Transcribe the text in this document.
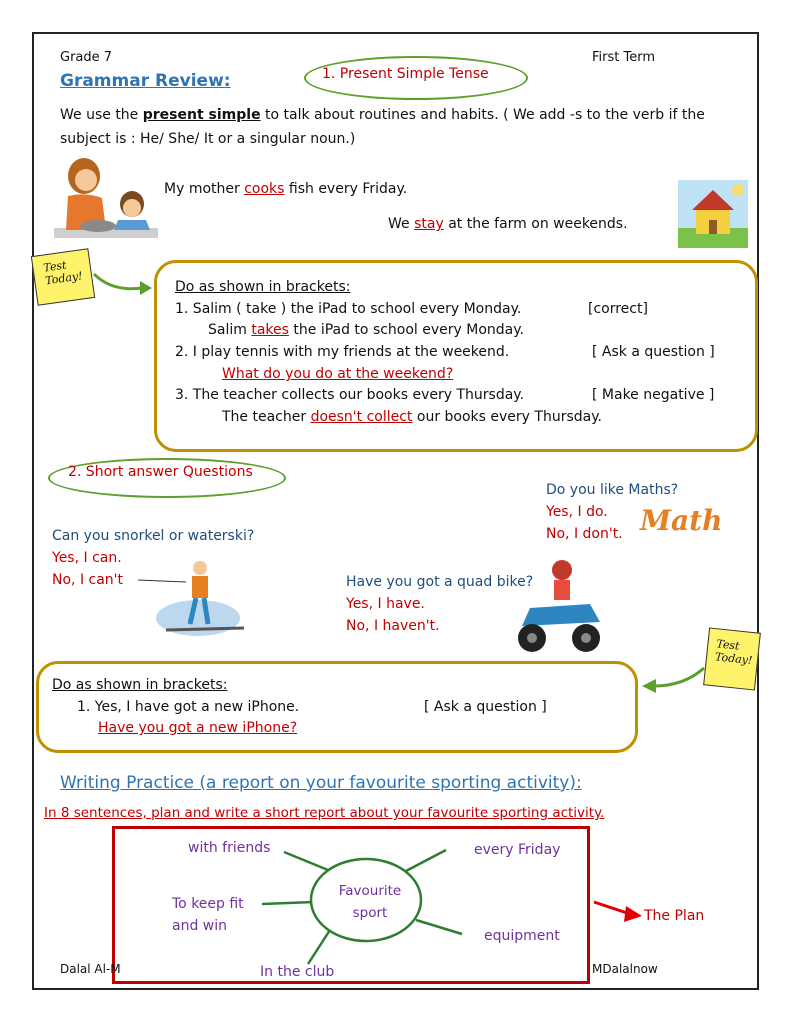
Grade 7	First Term
Grammar Review:	1. Present Simple Tense
We use the present simple to talk about routines and habits. ( We add -s to the verb if the
subject is : He/ She/ It or a singular noun.)
My mother cooks fish every Friday.
We stay at the farm on weekends.
Test
Today!	Do as shown in brackets:
1. Salim ( take ) the iPad to school every Monday.	[correct]
Salim takes the iPad to school every Monday.
2. I play tennis with my friends at the weekend.	[ Ask a question ]
What do you do at the weekend?
3. The teacher collects our books every Thursday.	[ Make negative ]
The teacher doesn't collect our books every Thursday.
2. Short answer Questions
Do you like Maths?
Yes, I do.
No, I don't. Math
Can you snorkel or waterski?
Yes, I can.
No, I can't	Have you got a quad bike?
Yes, I have.
No, I haven't.
Test
Today!
Do as shown in brackets:
1. Yes, I have got a new iPhone.	[ Ask a question ]
Have you got a new iPhone?
Writing Practice (a report on your favourite sporting activity):
In 8 sentences, plan and write a short report about your favourite sporting activity.
Favourite
sport
with friends	every Friday
To keep fit
and win
equipment
In the club
The Plan
Dalal Al-M	MDalalnow
